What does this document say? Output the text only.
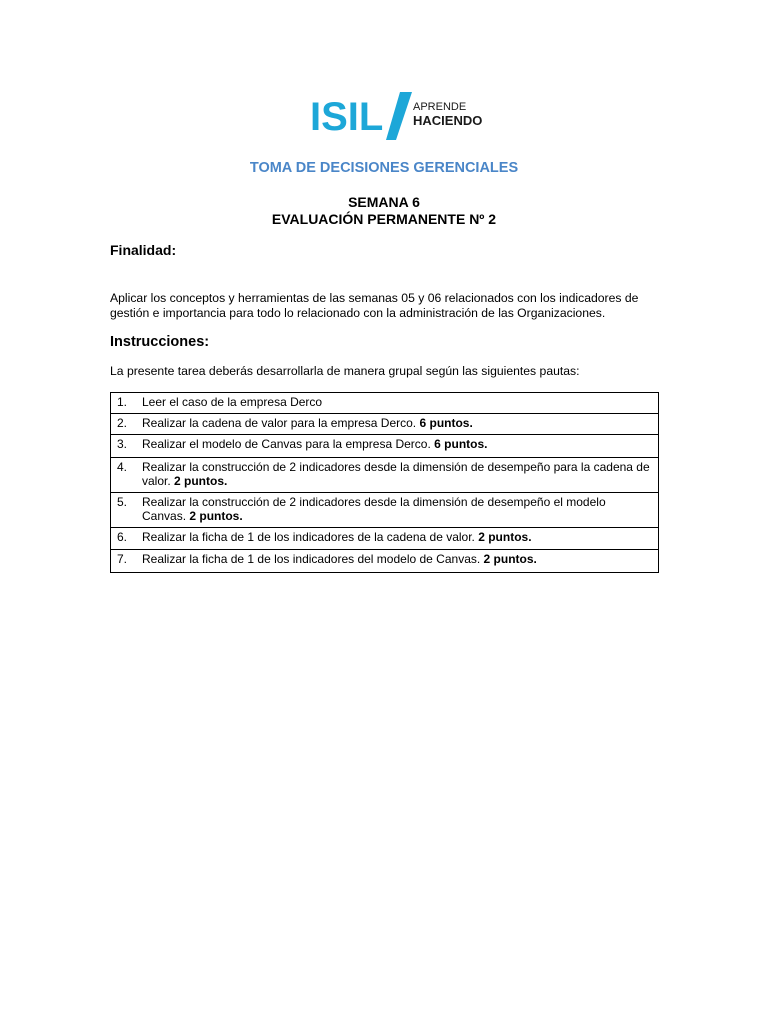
ISIL	APRENDE
HACIENDO
TOMA DE DECISIONES GERENCIALES
SEMANA 6
EVALUACIÓN PERMANENTE Nº 2
Finalidad:
Aplicar los conceptos y herramientas de las semanas 05 y 06 relacionados con los indicadores de gestión e importancia para todo lo relacionado con la administración de las Organizaciones.
Instrucciones:
La presente tarea deberás desarrollarla de manera grupal según las siguientes pautas:
1. Leer el caso de la empresa Derco
2. Realizar la cadena de valor para la empresa Derco. 6 puntos.
3. Realizar el modelo de Canvas para la empresa Derco. 6 puntos.
4. Realizar la construcción de 2 indicadores desde la dimensión de desempeño para la cadena de valor. 2 puntos.
5. Realizar la construcción de 2 indicadores desde la dimensión de desempeño el modelo Canvas. 2 puntos.
6. Realizar la ficha de 1 de los indicadores de la cadena de valor. 2 puntos.
7. Realizar la ficha de 1 de los indicadores del modelo de Canvas. 2 puntos.
